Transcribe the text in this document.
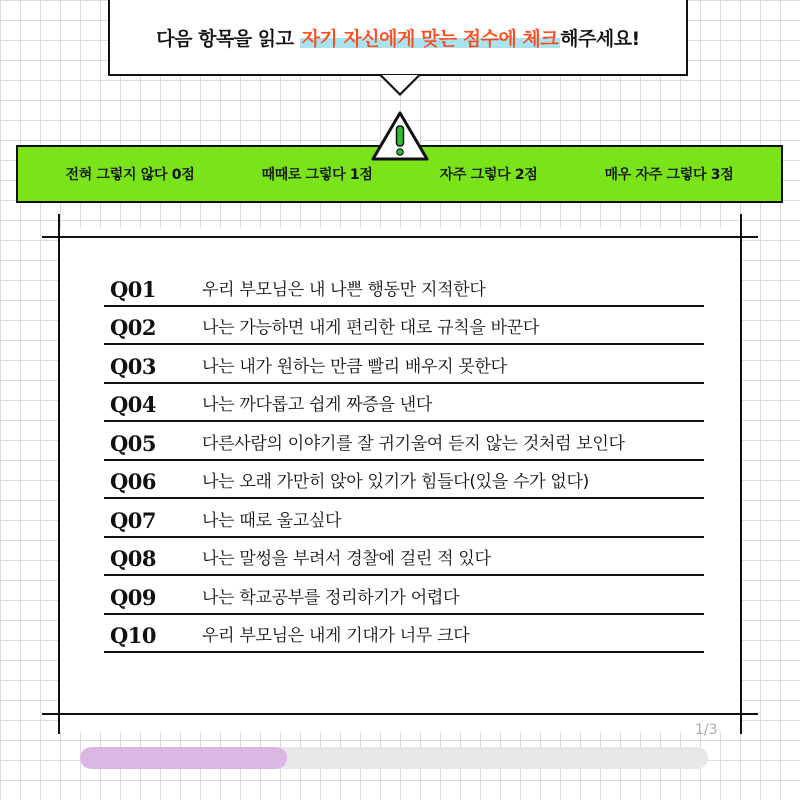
다음 항목을 읽고 자기 자신에게 맞는 점수에 체크 해주세요!
전혀 그렇지 않다 0점	때때로 그렇다 1점	자주 그렇다 2점	매우 자주 그렇다 3점
Q01	우리 부모님은 내 나쁜 행동만 지적한다
Q02	나는 가능하면 내게 편리한 대로 규칙을 바꾼다
Q03	나는 내가 원하는 만큼 빨리 배우지 못한다
Q04	나는 까다롭고 쉽게 짜증을 낸다
Q05	다른사람의 이야기를 잘 귀기울여 듣지 않는 것처럼 보인다
Q06	나는 오래 가만히 앉아 있기가 힘들다(있을 수가 없다)
Q07	나는 때로 울고싶다
Q08	나는 말썽을 부려서 경찰에 걸린 적 있다
Q09	나는 학교공부를 정리하기가 어렵다
Q10	우리 부모님은 내게 기대가 너무 크다
1/3
